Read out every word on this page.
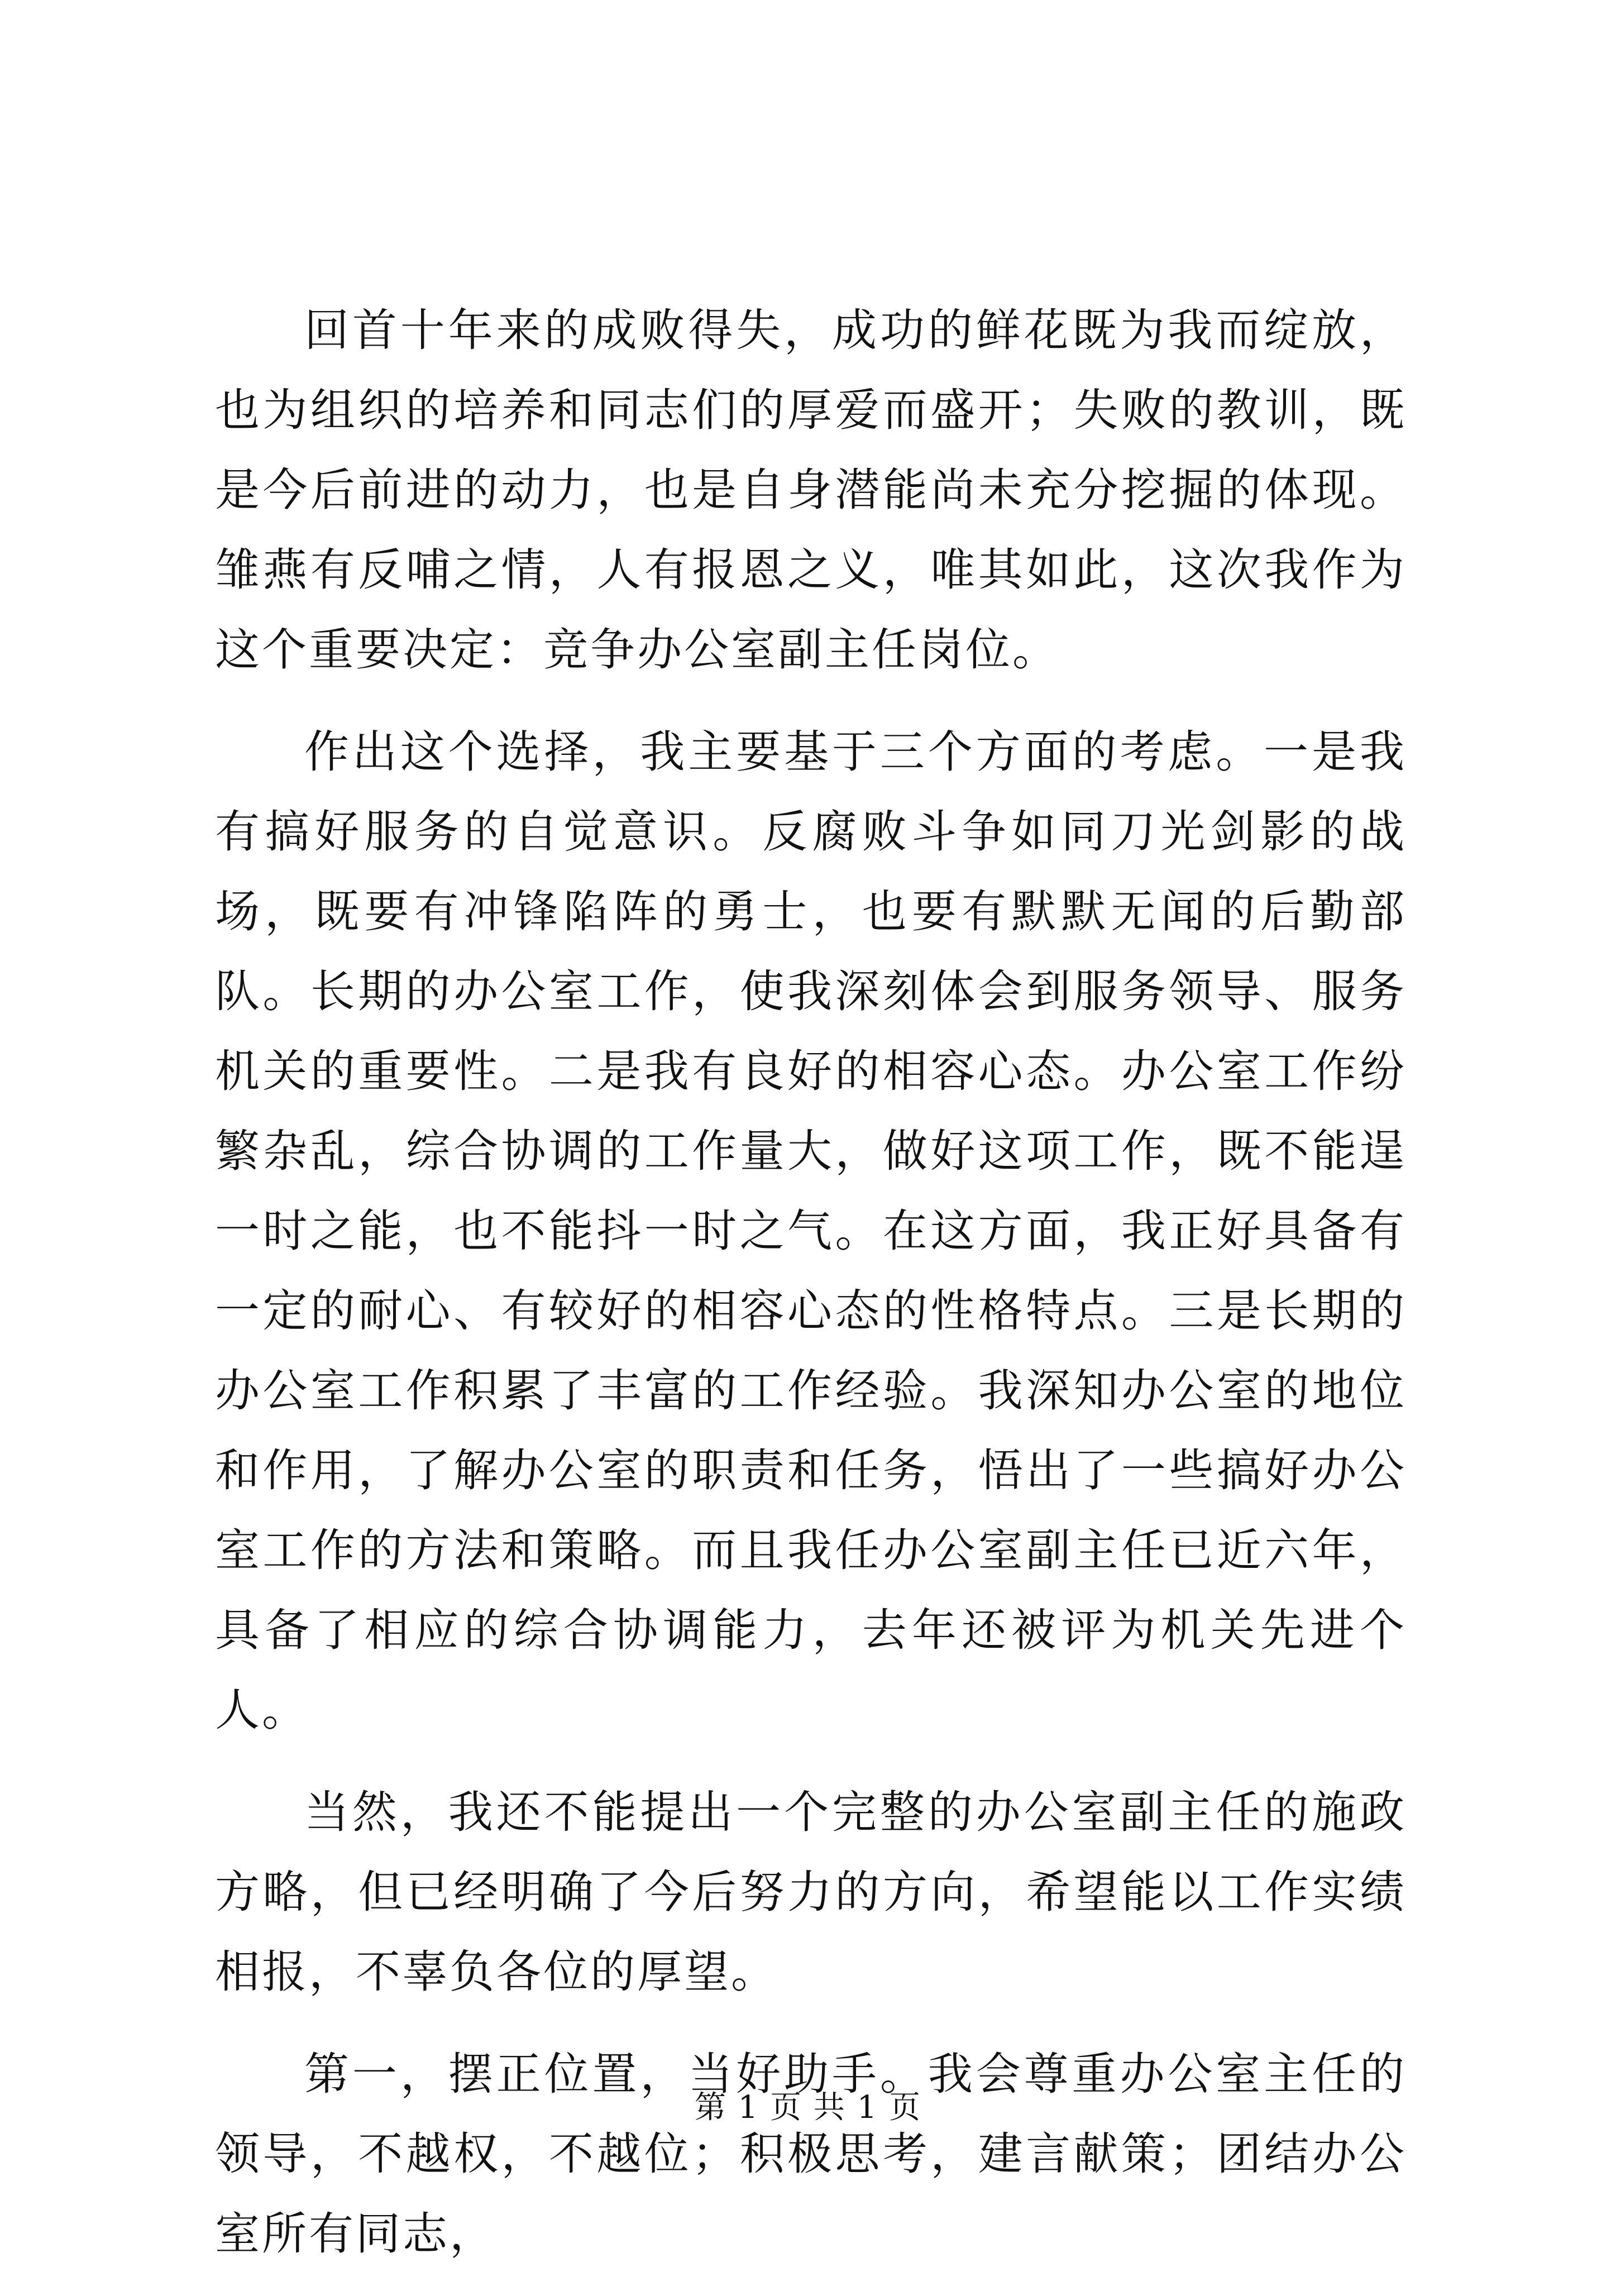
回首十年来的成败得失，成功的鲜花既为我而绽放，也为组织的培养和同志们的厚爱而盛开；失败的教训，既是今后前进的动力，也是自身潜能尚未充分挖掘的体现。雏燕有反哺之情，人有报恩之义，唯其如此，这次我作为这个重要决定：竞争办公室副主任岗位。

作出这个选择，我主要基于三个方面的考虑。一是我有搞好服务的自觉意识。反腐败斗争如同刀光剑影的战场，既要有冲锋陷阵的勇士，也要有默默无闻的后勤部队。长期的办公室工作，使我深刻体会到服务领导、服务机关的重要性。二是我有良好的相容心态。办公室工作纷繁杂乱，综合协调的工作量大，做好这项工作，既不能逞一时之能，也不能抖一时之气。在这方面，我正好具备有一定的耐心、有较好的相容心态的性格特点。三是长期的办公室工作积累了丰富的工作经验。我深知办公室的地位和作用，了解办公室的职责和任务，悟出了一些搞好办公室工作的方法和策略。而且我任办公室副主任已近六年，具备了相应的综合协调能力，去年还被评为机关先进个人。

当然，我还不能提出一个完整的办公室副主任的施政方略，但已经明确了今后努力的方向，希望能以工作实绩相报，不辜负各位的厚望。

第一，摆正位置，当好助手。我会尊重办公室主任的领导，不越权，不越位；积极思考，建言献策；团结办公室所有同志，

第 1 页 共 1 页
